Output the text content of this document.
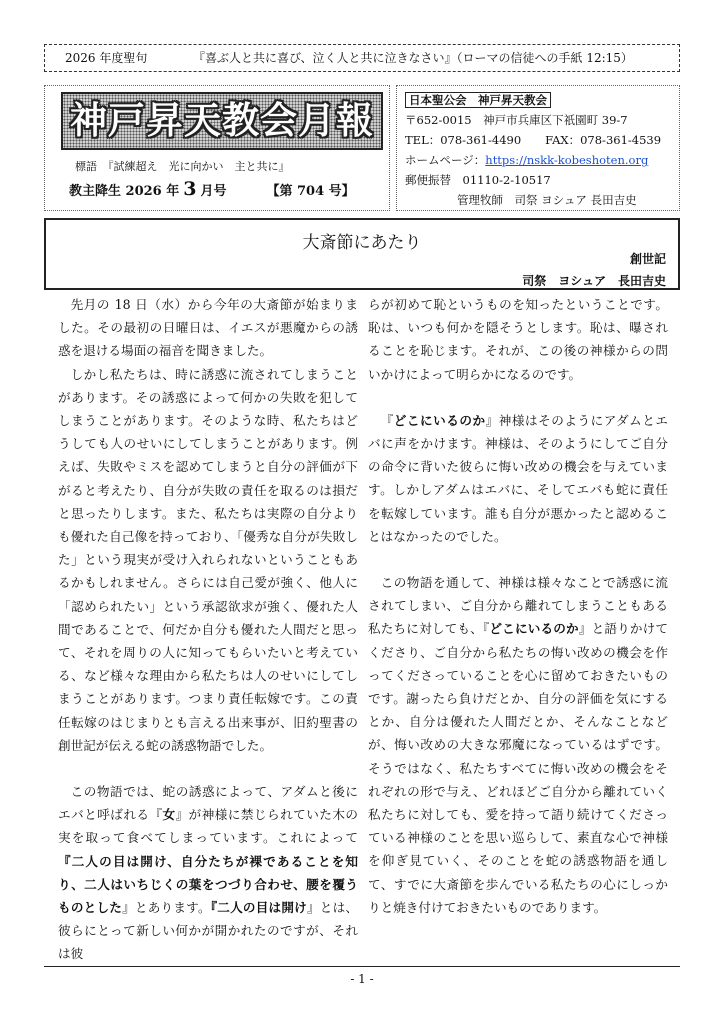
2026 年度聖句	『喜ぶ人と共に喜び、泣く人と共に泣きなさい』（ローマの信徒への手紙 12:15）
神戸昇天教会月報
標語　『試練超え　光に向かい　主と共に』
教主降生 2026 年 3 月号	【第 704 号】
日本聖公会　神戸昇天教会
〒652-0015　神戸市兵庫区下祇園町 39-7
TEL：078-361-4490 FAX：078-361-4539
ホームページ：https://nskk-kobeshoten.org
郵便振替　01110-2-10517
管理牧師　司祭 ヨシュア 長田吉史
大斎節にあたり
創世記
司祭　ヨシュア　長田吉史

先月の 18 日（水）から今年の大斎節が始まりました。その最初の日曜日は、イエスが悪魔からの誘惑を退ける場面の福音を聞きました。

しかし私たちは、時に誘惑に流されてしまうことがあります。その誘惑によって何かの失敗を犯してしまうことがあります。そのような時、私たちはどうしても人のせいにしてしまうことがあります。例えば、失敗やミスを認めてしまうと自分の評価が下がると考えたり、自分が失敗の責任を取るのは損だと思ったりします。また、私たちは実際の自分よりも優れた自己像を持っており、「優秀な自分が失敗した」という現実が受け入れられないということもあるかもしれません。さらには自己愛が強く、他人に「認められたい」という承認欲求が強く、優れた人間であることで、何だか自分も優れた人間だと思って、それを周りの人に知ってもらいたいと考えている、など様々な理由から私たちは人のせいにしてしまうことがあります。つまり責任転嫁です。この責任転嫁のはじまりとも言える出来事が、旧約聖書の創世記が伝える蛇の誘惑物語でした。

この物語では、蛇の誘惑によって、アダムと後にエバと呼ばれる『女』が神様に禁じられていた木の実を取って食べてしまっています。これによって『二人の目は開け、自分たちが裸であることを知り、二人はいちじくの葉をつづり合わせ、腰を覆うものとした』とあります。『二人の目は開け』とは、彼らにとって新しい何かが開かれたのですが、それは彼

らが初めて恥というものを知ったということです。恥は、いつも何かを隠そうとします。恥は、曝されることを恥じます。それが、この後の神様からの問いかけによって明らかになるのです。

『どこにいるのか』神様はそのようにアダムとエバに声をかけます。神様は、そのようにしてご自分の命令に背いた彼らに悔い改めの機会を与えています。しかしアダムはエバに、そしてエバも蛇に責任を転嫁しています。誰も自分が悪かったと認めることはなかったのでした。

この物語を通して、神様は様々なことで誘惑に流されてしまい、ご自分から離れてしまうこともある私たちに対しても、『どこにいるのか』と語りかけてくださり、ご自分から私たちの悔い改めの機会を作ってくださっていることを心に留めておきたいものです。謝ったら負けだとか、自分の評価を気にするとか、自分は優れた人間だとか、そんなことなどが、悔い改めの大きな邪魔になっているはずです。そうではなく、私たちすべてに悔い改めの機会をそれぞれの形で与え、どれほどご自分から離れていく私たちに対しても、愛を持って語り続けてくださっている神様のことを思い巡らして、素直な心で神様を仰ぎ見ていく、そのことを蛇の誘惑物語を通して、すでに大斎節を歩んでいる私たちの心にしっかりと焼き付けておきたいものであります。

- 1 -
